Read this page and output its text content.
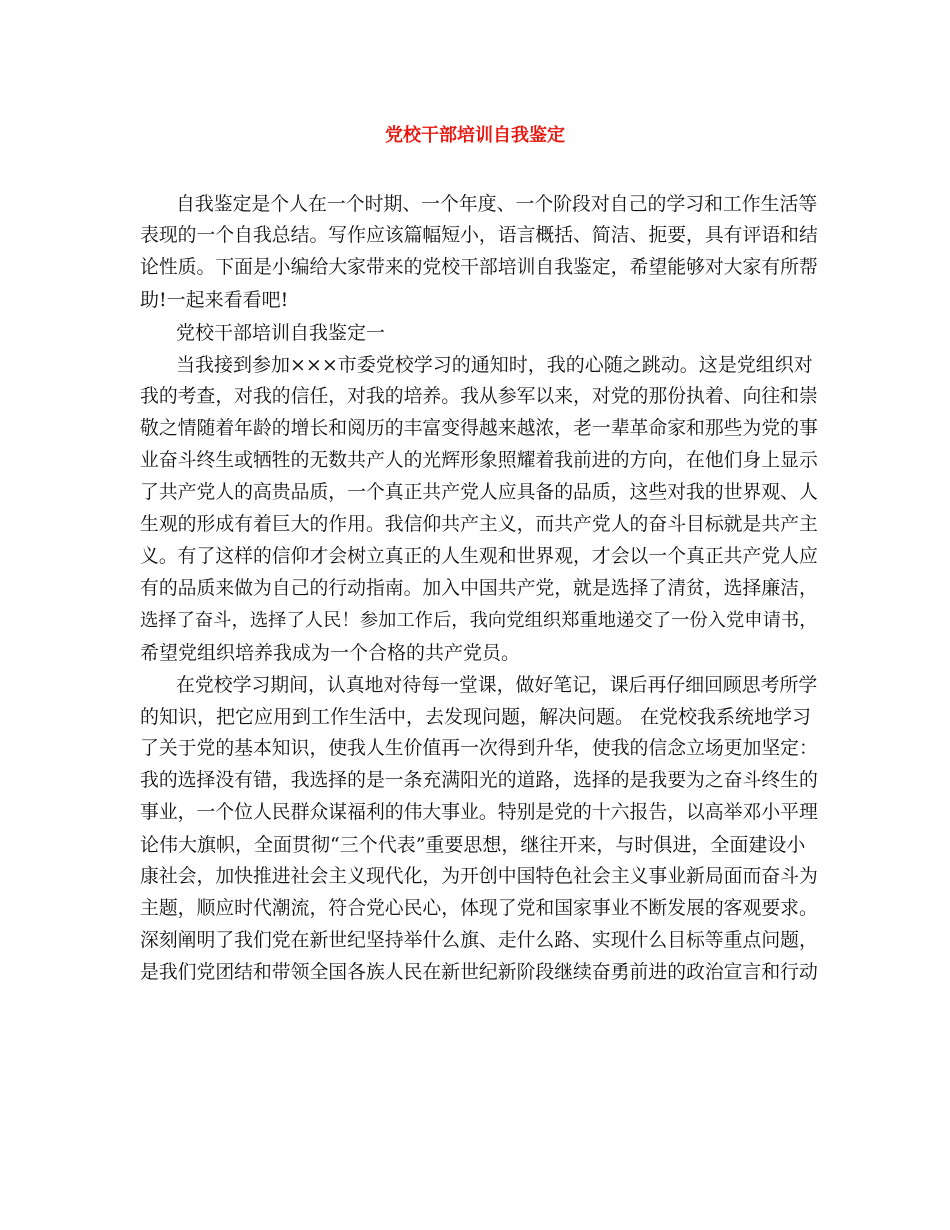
党校干部培训自我鉴定
自我鉴定是个人在一个时期、一个年度、一个阶段对自己的学习和工作生活等
表现的一个自我总结。写作应该篇幅短小，语言概括、简洁、扼要，具有评语和结
论性质。下面是小编给大家带来的党校干部培训自我鉴定，希望能够对大家有所帮
助!一起来看看吧!
党校干部培训自我鉴定一
当我接到参加×××市委党校学习的通知时，我的心随之跳动。这是党组织对
我的考查，对我的信任，对我的培养。我从参军以来，对党的那份执着、向往和崇
敬之情随着年龄的增长和阅历的丰富变得越来越浓，老一辈革命家和那些为党的事
业奋斗终生或牺牲的无数共产人的光辉形象照耀着我前进的方向，在他们身上显示
了共产党人的高贵品质，一个真正共产党人应具备的品质，这些对我的世界观、人
生观的形成有着巨大的作用。我信仰共产主义，而共产党人的奋斗目标就是共产主
义。有了这样的信仰才会树立真正的人生观和世界观，才会以一个真正共产党人应
有的品质来做为自己的行动指南。加入中国共产党，就是选择了清贫，选择廉洁，
选择了奋斗，选择了人民！参加工作后，我向党组织郑重地递交了一份入党申请书，
希望党组织培养我成为一个合格的共产党员。
在党校学习期间，认真地对待每一堂课，做好笔记，课后再仔细回顾思考所学
的知识，把它应用到工作生活中，去发现问题，解决问题。 在党校我系统地学习
了关于党的基本知识，使我人生价值再一次得到升华，使我的信念立场更加坚定：
我的选择没有错，我选择的是一条充满阳光的道路，选择的是我要为之奋斗终生的
事业，一个位人民群众谋福利的伟大事业。特别是党的十六报告，以高举邓小平理
论伟大旗帜，全面贯彻“三个代表”重要思想，继往开来，与时俱进，全面建设小
康社会，加快推进社会主义现代化，为开创中国特色社会主义事业新局面而奋斗为
主题，顺应时代潮流，符合党心民心，体现了党和国家事业不断发展的客观要求。
深刻阐明了我们党在新世纪坚持举什么旗、走什么路、实现什么目标等重点问题，
是我们党团结和带领全国各族人民在新世纪新阶段继续奋勇前进的政治宣言和行动
